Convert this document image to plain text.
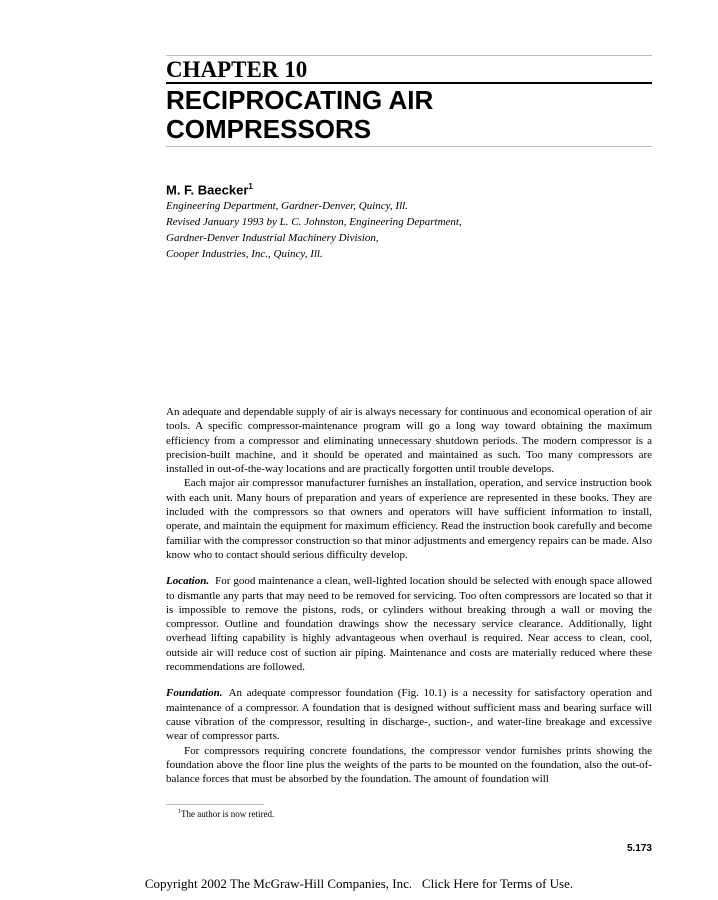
CHAPTER 10
RECIPROCATING AIR
COMPRESSORS
M. F. Baecker$^1$
Engineering Department, Gardner-Denver, Quincy, Ill.
Revised January 1993 by L. C. Johnston, Engineering Department,
Gardner-Denver Industrial Machinery Division,
Cooper Industries, Inc., Quincy, Ill.

An adequate and dependable supply of air is always necessary for continuous and economical operation of air tools. A specific compressor-maintenance program will go a long way toward obtaining the maximum efficiency from a compressor and eliminating unnecessary shutdown periods. The modern compressor is a precision-built machine, and it should be operated and maintained as such. Too many compressors are installed in out-of-the-way locations and are practically forgotten until trouble develops.

Each major air compressor manufacturer furnishes an installation, operation, and service instruction book with each unit. Many hours of preparation and years of experience are represented in these books. They are included with the compressors so that owners and operators will have sufficient information to install, operate, and maintain the equipment for maximum efficiency. Read the instruction book carefully and become familiar with the compressor construction so that minor adjustments and emergency repairs can be made. Also know who to contact should serious difficulty develop.

Location. For good maintenance a clean, well-lighted location should be selected with enough space allowed to dismantle any parts that may need to be removed for servicing. Too often compressors are located so that it is impossible to remove the pistons, rods, or cylinders without breaking through a wall or moving the compressor. Outline and foundation drawings show the necessary service clearance. Additionally, light overhead lifting capability is highly advantageous when overhaul is required. Near access to clean, cool, outside air will reduce cost of suction air piping. Maintenance and costs are materially reduced where these recommendations are followed.

Foundation. An adequate compressor foundation (Fig. 10.1) is a necessity for satisfactory operation and maintenance of a compressor. A foundation that is designed without sufficient mass and bearing surface will cause vibration of the compressor, resulting in discharge-, suction-, and water-line breakage and excessive wear of compressor parts.

For compressors requiring concrete foundations, the compressor vendor furnishes prints showing the foundation above the floor line plus the weights of the parts to be mounted on the foundation, also the out-of-balance forces that must be absorbed by the foundation. The amount of foundation will

$^1$The author is now retired.
5.173
Copyright 2002 The McGraw-Hill Companies, Inc. Click Here for Terms of Use.
